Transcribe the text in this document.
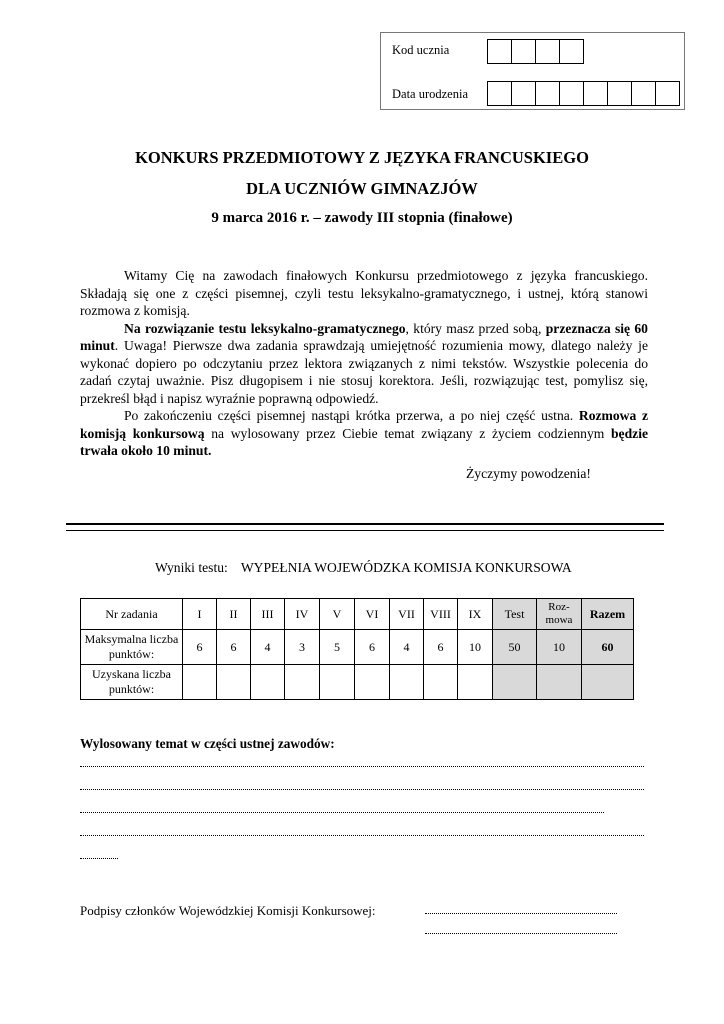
Kod ucznia
Data urodzenia
KONKURS PRZEDMIOTOWY Z JĘZYKA FRANCUSKIEGO
DLA UCZNIÓW GIMNAZJÓW
9 marca 2016 r. – zawody III stopnia (finałowe)

Witamy Cię na zawodach finałowych Konkursu przedmiotowego z języka francuskiego. Składają się one z części pisemnej, czyli testu leksykalno-gramatycznego, i ustnej, którą stanowi rozmowa z komisją.

Na rozwiązanie testu leksykalno-gramatycznego, który masz przed sobą, przeznacza się 60 minut. Uwaga! Pierwsze dwa zadania sprawdzają umiejętność rozumienia mowy, dlatego należy je wykonać dopiero po odczytaniu przez lektora związanych z nimi tekstów. Wszystkie polecenia do zadań czytaj uważnie. Pisz długopisem i nie stosuj korektora. Jeśli, rozwiązując test, pomylisz się, przekreśl błąd i napisz wyraźnie poprawną odpowiedź.

Po zakończeniu części pisemnej nastąpi krótka przerwa, a po niej część ustna. Rozmowa z komisją konkursową na wylosowany przez Ciebie temat związany z życiem codziennym będzie trwała około 10 minut.

Życzymy powodzenia!
Wyniki testu: WYPEŁNIA WOJEWÓDZKA KOMISJA KONKURSOWA
Nr zadania	I	II	III	IV	V	VI	VII	VIII	IX	Test	Roz-mowa	Razem
Maksymalna liczba punktów:	6	6	4	3	5	6	4	6	10	50	10	60
Uzyskana liczba punktów:												
Wylosowany temat w części ustnej zawodów:
Podpisy członków Wojewódzkiej Komisji Konkursowej:
